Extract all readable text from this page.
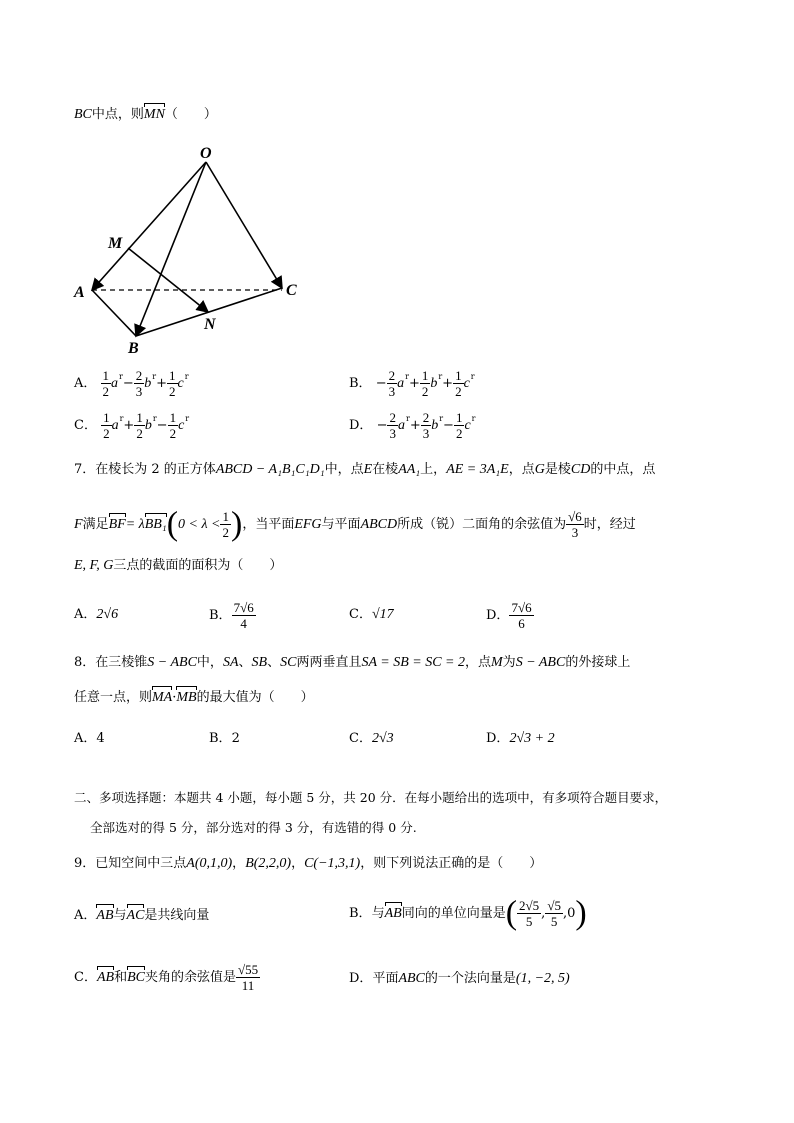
BC中点，则MN（　　）
O
M
A	C
N
B
A． $\frac{1}{2} a^r- \frac{2}{3} b^r+ \frac{1}{2} c^r$	B． − $\frac{2}{3} a^r+ \frac{1}{2} b^r+ \frac{1}{2} c^r$
C． $\frac{1}{2} a^r+ \frac{1}{2} b^r- \frac{1}{2} c^r$	D． − $\frac{2}{3} a^r+ \frac{2}{3} b^r- \frac{1}{2} c^r$
7．在棱长为 2 的正方体ABCD − A₁B₁C₁D₁中，点E在棱AA₁上，AE = 3A₁E，点G是棱CD的中点，点
F满足$BF= \lambda BB_1(0 < \lambda < \frac{1}{2}$ )，当平面EFG与平面ABCD所成（锐）二面角的余弦值为 $\frac{√6}{3}$ 时，经过
E, F, G三点的截面的面积为（　　）
A．2√6	B． $\frac{7√6}{4}$	C．√17	D． $\frac{7√6}{6}$
8．在三棱锥S − ABC中，SA、SB、SC两两垂直且SA = SB = SC = 2，点M为S − ABC的外接球上
任意一点，则MA·MB的最大值为（　　）
A．4	B．2	C．2√3	D．2√3 + 2
二、多项选择题：本题共 4 小题，每小题 5 分，共 20 分．在每小题给出的选项中，有多项符合题目要求，
全部选对的得 5 分，部分选对的得 3 分，有选错的得 0 分.
9．已知空间中三点A(0,1,0)，B(2,2,0)，C(−1,3,1)，则下列说法正确的是（　　）
A．AB与AC是共线向量	B．与AB同向的单位向量是( $\frac{2√5}{5}$ , $\frac{√5}{5} ,0$)
C．AB和BC夹角的余弦值是 $\frac{√55}{11}$	D．平面ABC的一个法向量是(1, −2, 5)
